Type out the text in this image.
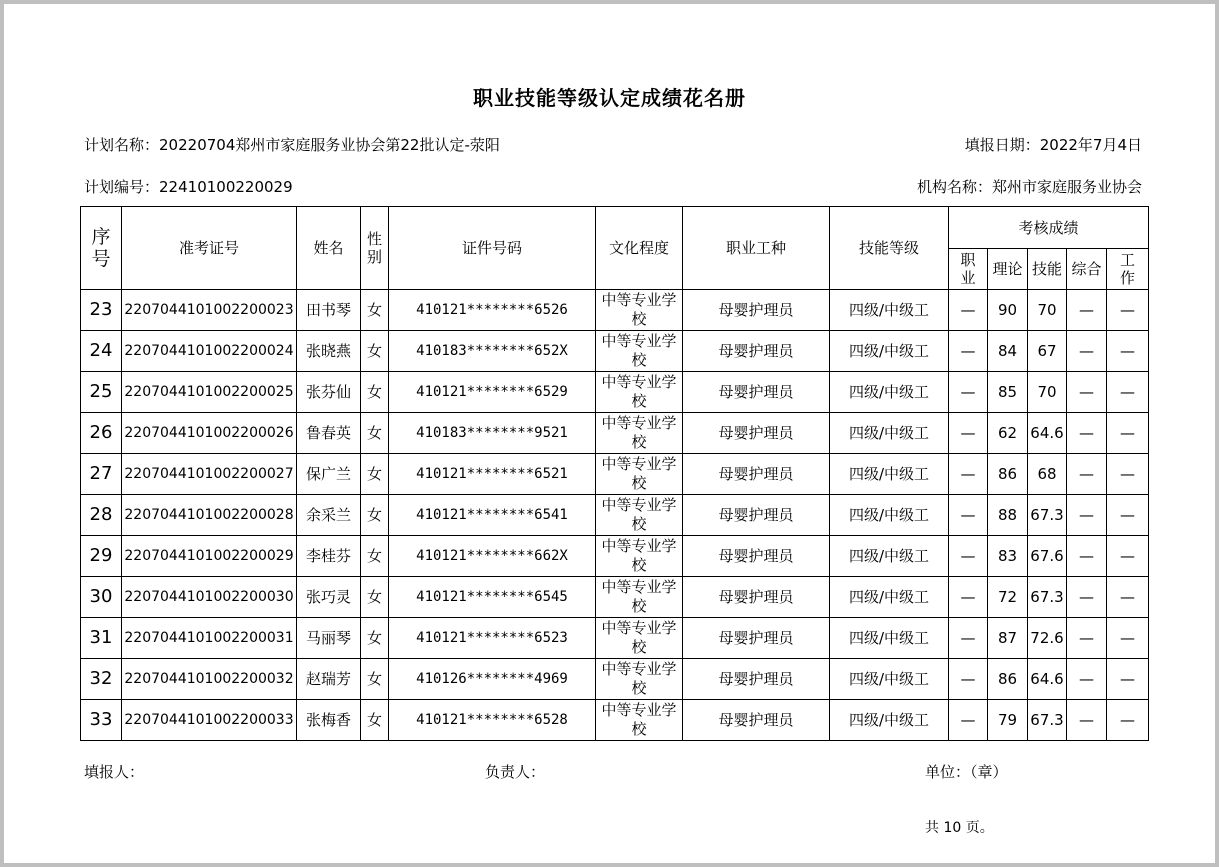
职业技能等级认定成绩花名册
计划名称：20220704郑州市家庭服务业协会第22批认定-荥阳	填报日期：2022年7月4日
计划编号：22410100220029	机构名称：郑州市家庭服务业协会
序号	准考证号	姓名	性别	证件号码	文化程度	职业工种	技能等级	考核成绩				
								职业	理论	技能	综合	工作
23	2207044101002200023	田书琴	女	410121********6526	中等专业学校	母婴护理员	四级/中级工	—	90	70	—	—
24	2207044101002200024	张晓燕	女	410183********652X	中等专业学校	母婴护理员	四级/中级工	—	84	67	—	—
25	2207044101002200025	张芬仙	女	410121********6529	中等专业学校	母婴护理员	四级/中级工	—	85	70	—	—
26	2207044101002200026	鲁春英	女	410183********9521	中等专业学校	母婴护理员	四级/中级工	—	62	64.6	—	—
27	2207044101002200027	保广兰	女	410121********6521	中等专业学校	母婴护理员	四级/中级工	—	86	68	—	—
28	2207044101002200028	余采兰	女	410121********6541	中等专业学校	母婴护理员	四级/中级工	—	88	67.3	—	—
29	2207044101002200029	李桂芬	女	410121********662X	中等专业学校	母婴护理员	四级/中级工	—	83	67.6	—	—
30	2207044101002200030	张巧灵	女	410121********6545	中等专业学校	母婴护理员	四级/中级工	—	72	67.3	—	—
31	2207044101002200031	马丽琴	女	410121********6523	中等专业学校	母婴护理员	四级/中级工	—	87	72.6	—	—
32	2207044101002200032	赵瑞芳	女	410126********4969	中等专业学校	母婴护理员	四级/中级工	—	86	64.6	—	—
33	2207044101002200033	张梅香	女	410121********6528	中等专业学校	母婴护理员	四级/中级工	—	79	67.3	—	—
填报人：	负责人：	单位：（章）
共 10 页。
